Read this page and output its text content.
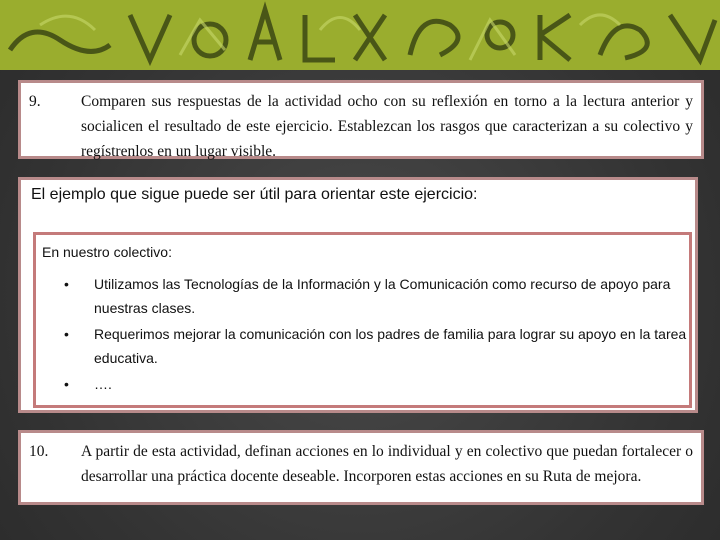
9.	Comparen sus respuestas de la actividad ocho con su reflexión en torno a la lectura anterior y socialicen el resultado de este ejercicio. Establezcan los rasgos que caracterizan a su colectivo y regístrenlos en un lugar visible.

El ejemplo que sigue puede ser útil para orientar este ejercicio:

En nuestro colectivo:

•	Utilizamos las Tecnologías de la Información y la Comunicación como recurso de apoyo para nuestras clases.
•	Requerimos mejorar la comunicación con los padres de familia para lograr su apoyo en la tarea educativa.
•	….
10.	A partir de esta actividad, definan acciones en lo individual y en colectivo que puedan fortalecer o desarrollar una práctica docente deseable. Incorporen estas acciones en su Ruta de mejora.
